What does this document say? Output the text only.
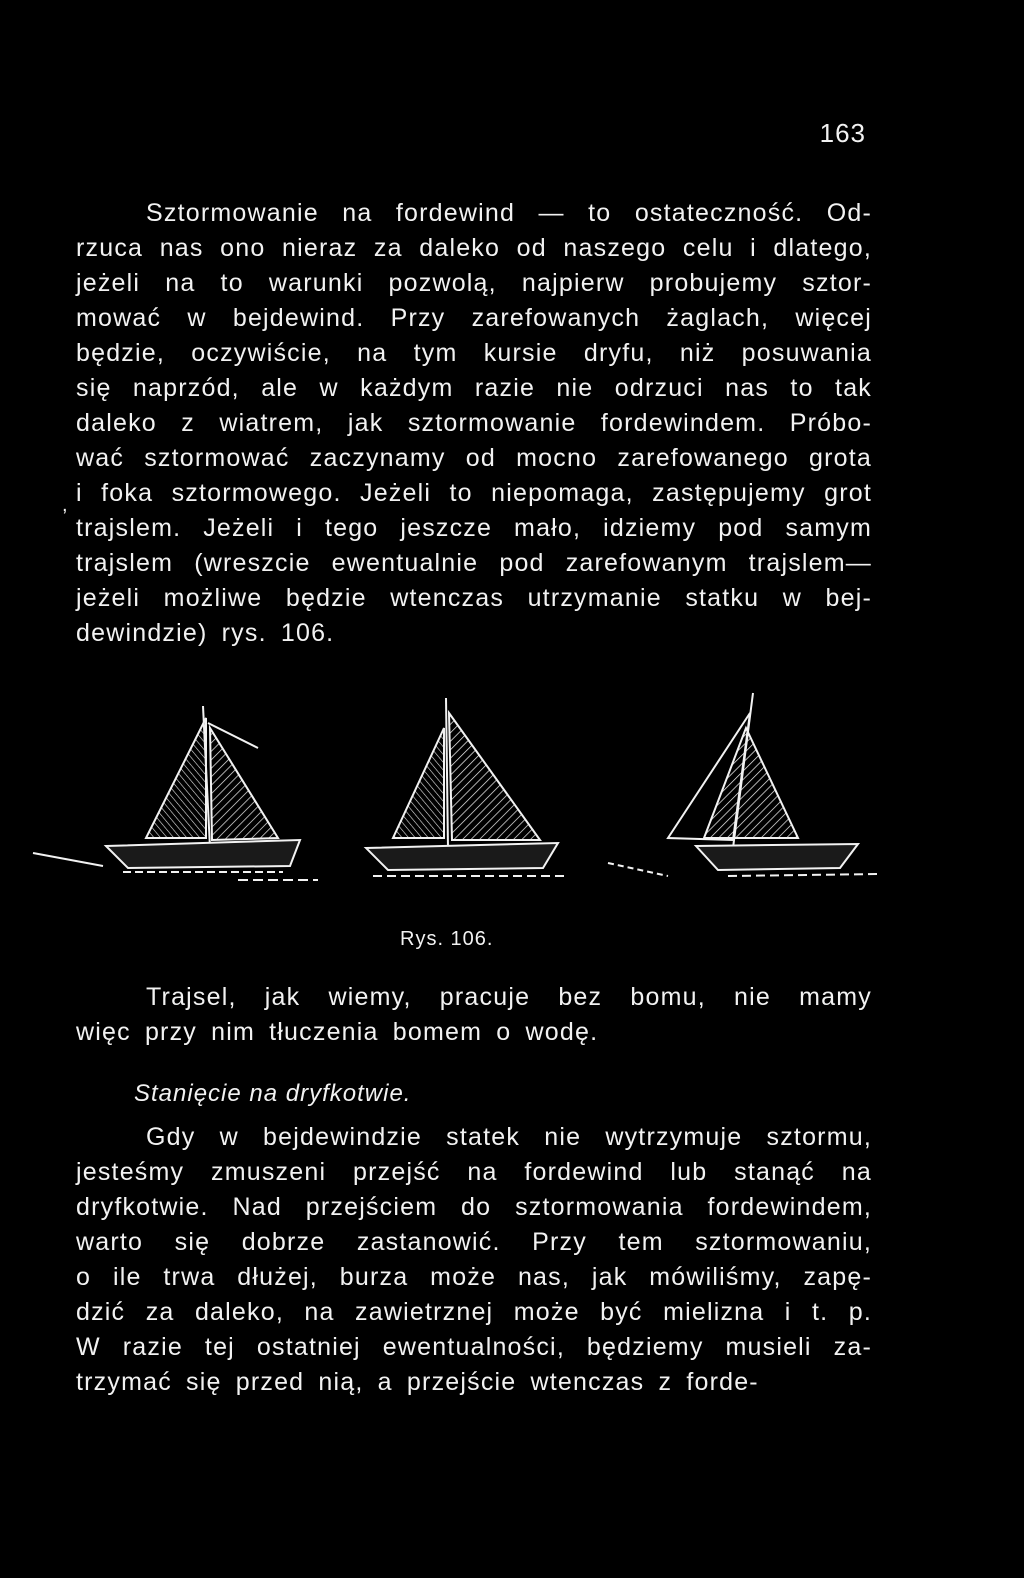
163
Sztormowanie na fordewind — to ostateczność. Od-
rzuca nas ono nieraz za daleko od naszego celu i dlatego,
jeżeli na to warunki pozwolą, najpierw probujemy sztor-
mować w bejdewind. Przy zarefowanych żaglach, więcej
będzie, oczywiście, na tym kursie dryfu, niż posuwania
się naprzód, ale w każdym razie nie odrzuci nas to tak
daleko z wiatrem, jak sztormowanie fordewindem. Próbo-
wać sztormować zaczynamy od mocno zarefowanego grota
i foka sztormowego. Jeżeli to niepomaga, zastępujemy grot
trajslem. Jeżeli i tego jeszcze mało, idziemy pod samym
trajslem (wreszcie ewentualnie pod zarefowanym trajslem—
jeżeli możliwe będzie wtenczas utrzymanie statku w bej-
dewindzie) rys. 106.
,
Rys. 106.
Trajsel, jak wiemy, pracuje bez bomu, nie mamy
więc przy nim tłuczenia bomem o wodę.
Stanięcie na dryfkotwie.
Gdy w bejdewindzie statek nie wytrzymuje sztormu,
jesteśmy zmuszeni przejść na fordewind lub stanąć na
dryfkotwie. Nad przejściem do sztormowania fordewindem,
warto się dobrze zastanowić. Przy tem sztormowaniu,
o ile trwa dłużej, burza może nas, jak mówiliśmy, zapę-
dzić za daleko, na zawietrznej może być mielizna i t. p.
W razie tej ostatniej ewentualności, będziemy musieli za-
trzymać się przed nią, a przejście wtenczas z forde-
